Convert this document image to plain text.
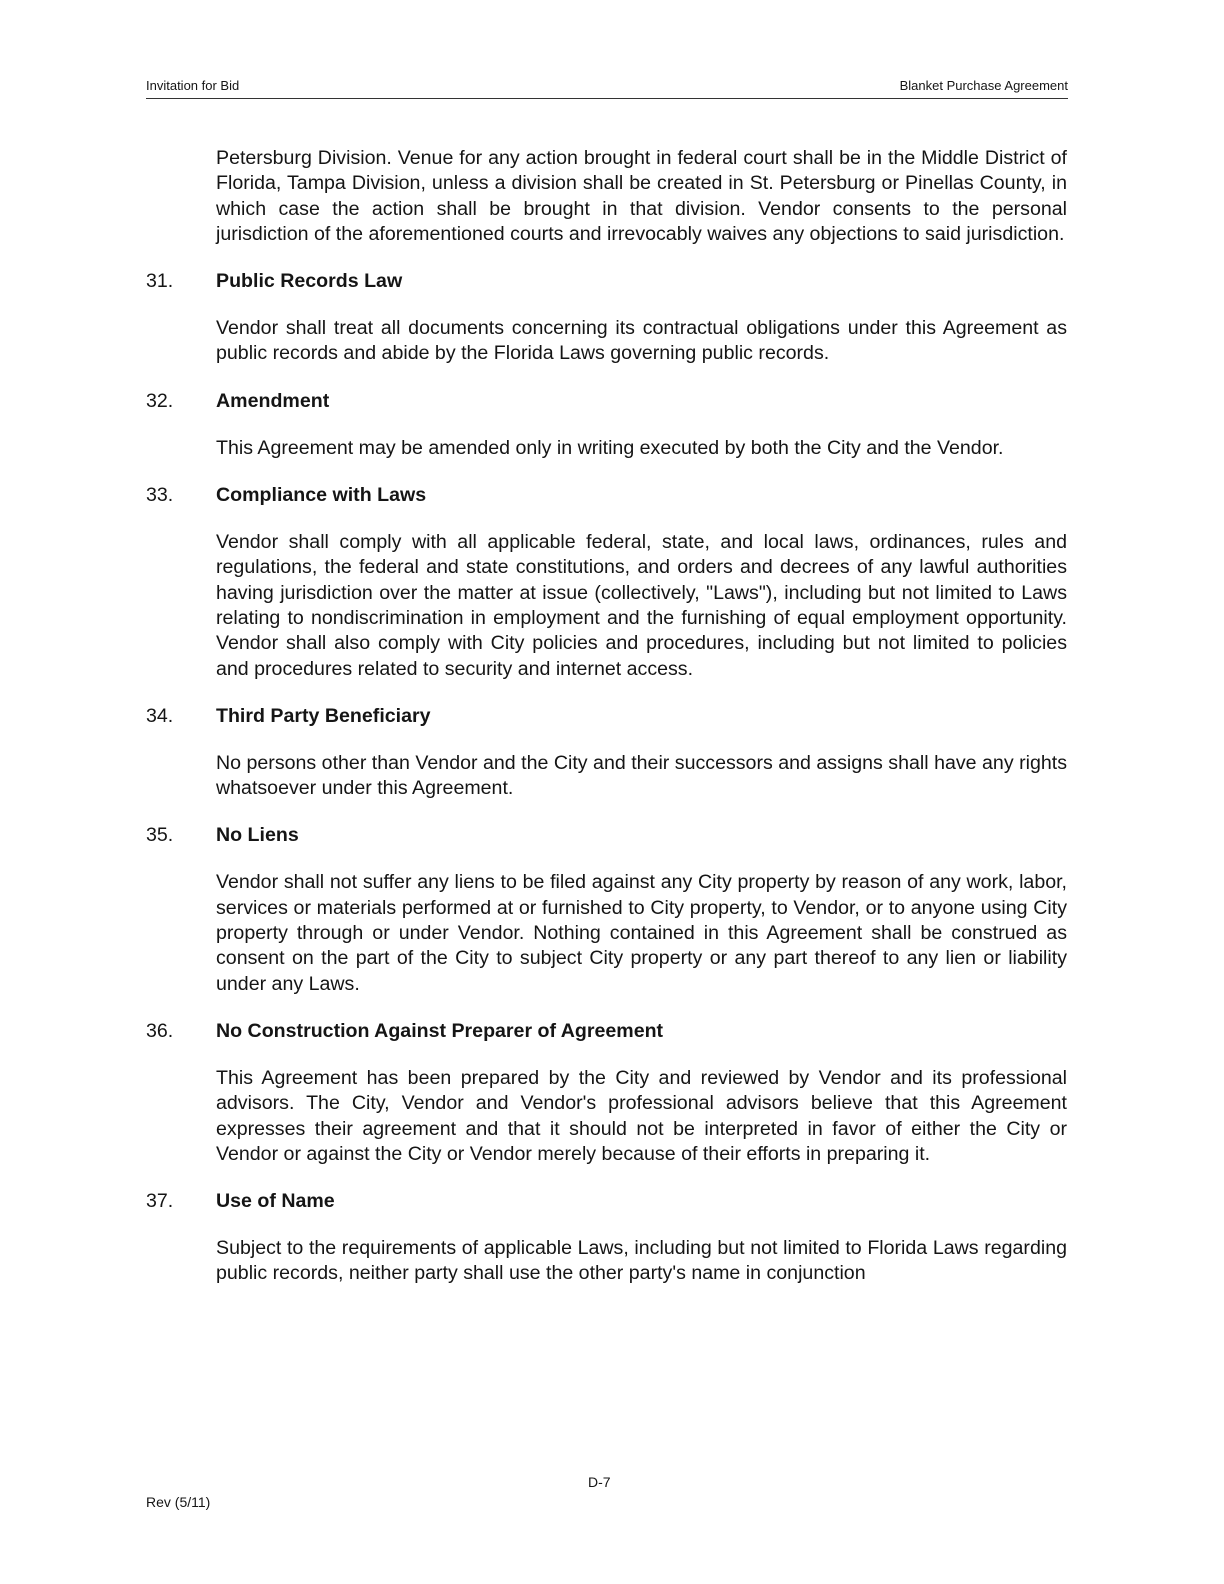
Invitation for Bid	Blanket Purchase Agreement

Petersburg Division. Venue for any action brought in federal court shall be in the Middle District of Florida, Tampa Division, unless a division shall be created in St. Petersburg or Pinellas County, in which case the action shall be brought in that division. Vendor consents to the personal jurisdiction of the aforementioned courts and irrevocably waives any objections to said jurisdiction.

31. Public Records Law

Vendor shall treat all documents concerning its contractual obligations under this Agreement as public records and abide by the Florida Laws governing public records.

32. Amendment

This Agreement may be amended only in writing executed by both the City and the Vendor.

33. Compliance with Laws

Vendor shall comply with all applicable federal, state, and local laws, ordinances, rules and regulations, the federal and state constitutions, and orders and decrees of any lawful authorities having jurisdiction over the matter at issue (collectively, "Laws"), including but not limited to Laws relating to nondiscrimination in employment and the furnishing of equal employment opportunity. Vendor shall also comply with City policies and procedures, including but not limited to policies and procedures related to security and internet access.

34. Third Party Beneficiary

No persons other than Vendor and the City and their successors and assigns shall have any rights whatsoever under this Agreement.

35. No Liens

Vendor shall not suffer any liens to be filed against any City property by reason of any work, labor, services or materials performed at or furnished to City property, to Vendor, or to anyone using City property through or under Vendor. Nothing contained in this Agreement shall be construed as consent on the part of the City to subject City property or any part thereof to any lien or liability under any Laws.

36. No Construction Against Preparer of Agreement

This Agreement has been prepared by the City and reviewed by Vendor and its professional advisors. The City, Vendor and Vendor's professional advisors believe that this Agreement expresses their agreement and that it should not be interpreted in favor of either the City or Vendor or against the City or Vendor merely because of their efforts in preparing it.

37. Use of Name

Subject to the requirements of applicable Laws, including but not limited to Florida Laws regarding public records, neither party shall use the other party's name in conjunction

D-7
Rev (5/11)
